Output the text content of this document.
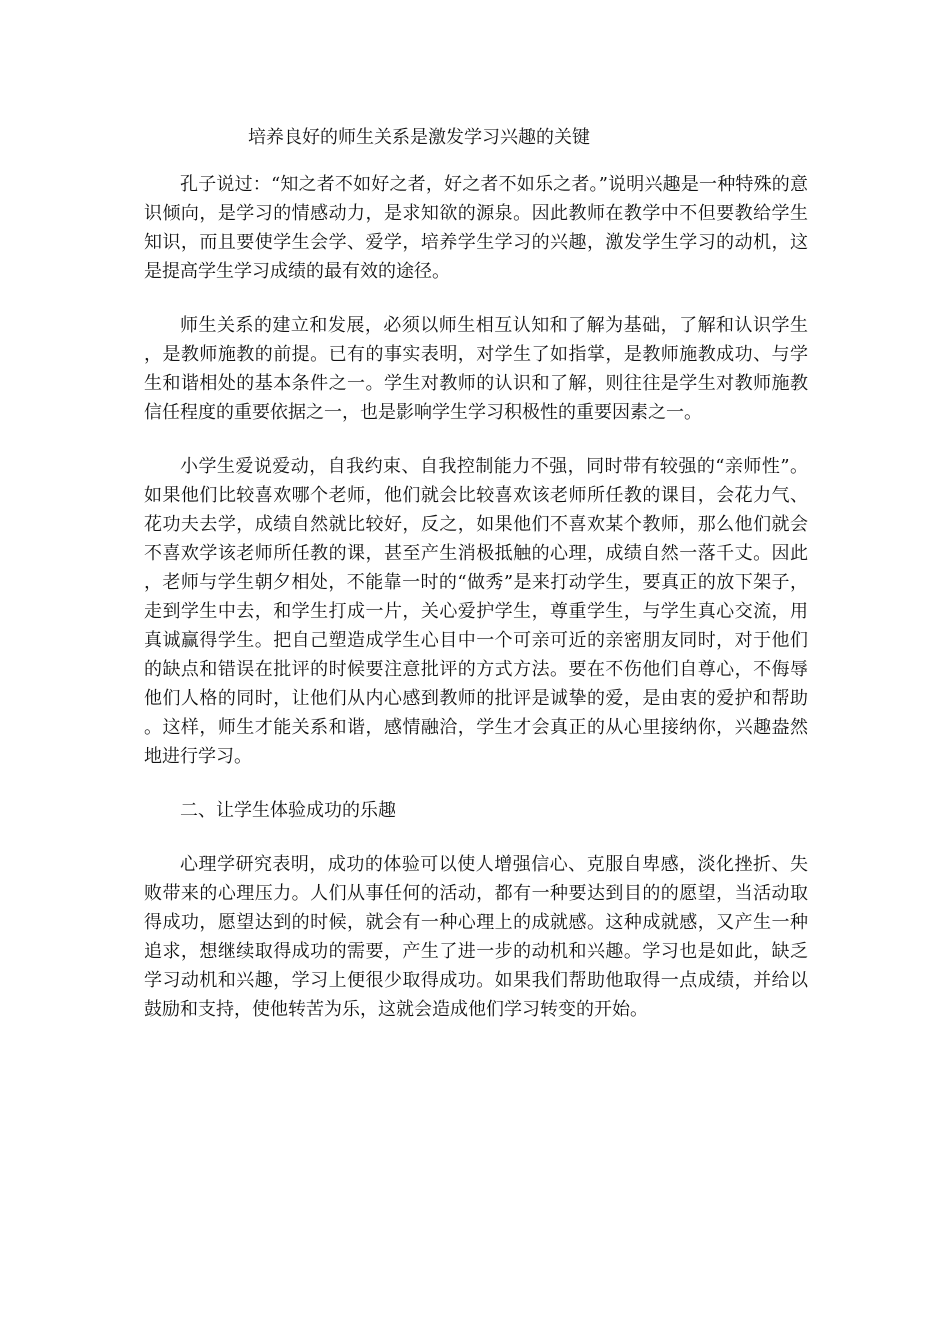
培养良好的师生关系是激发学习兴趣的关键

孔子说过：“知之者不如好之者，好之者不如乐之者。”说明兴趣是一种特殊的意识倾向，是学习的情感动力，是求知欲的源泉。因此教师在教学中不但要教给学生知识，而且要使学生会学、爱学，培养学生学习的兴趣，激发学生学习的动机，这是提高学生学习成绩的最有效的途径。

师生关系的建立和发展，必须以师生相互认知和了解为基础，了解和认识学生，是教师施教的前提。已有的事实表明，对学生了如指掌，是教师施教成功、与学生和谐相处的基本条件之一。学生对教师的认识和了解，则往往是学生对教师施教信任程度的重要依据之一，也是影响学生学习积极性的重要因素之一。

小学生爱说爱动，自我约束、自我控制能力不强，同时带有较强的“亲师性”。如果他们比较喜欢哪个老师，他们就会比较喜欢该老师所任教的课目，会花力气、花功夫去学，成绩自然就比较好，反之，如果他们不喜欢某个教师，那么他们就会不喜欢学该老师所任教的课，甚至产生消极抵触的心理，成绩自然一落千丈。因此，老师与学生朝夕相处，不能靠一时的“做秀”是来打动学生，要真正的放下架子，走到学生中去，和学生打成一片，关心爱护学生，尊重学生，与学生真心交流，用真诚赢得学生。把自己塑造成学生心目中一个可亲可近的亲密朋友同时，对于他们的缺点和错误在批评的时候要注意批评的方式方法。要在不伤他们自尊心，不侮辱他们人格的同时，让他们从内心感到教师的批评是诚挚的爱，是由衷的爱护和帮助。这样，师生才能关系和谐，感情融洽，学生才会真正的从心里接纳你，兴趣盎然地进行学习。

二、让学生体验成功的乐趣

心理学研究表明，成功的体验可以使人增强信心、克服自卑感，淡化挫折、失败带来的心理压力。人们从事任何的活动，都有一种要达到目的的愿望，当活动取得成功，愿望达到的时候，就会有一种心理上的成就感。这种成就感，又产生一种追求，想继续取得成功的需要，产生了进一步的动机和兴趣。学习也是如此，缺乏学习动机和兴趣，学习上便很少取得成功。如果我们帮助他取得一点成绩，并给以鼓励和支持，使他转苦为乐，这就会造成他们学习转变的开始。
